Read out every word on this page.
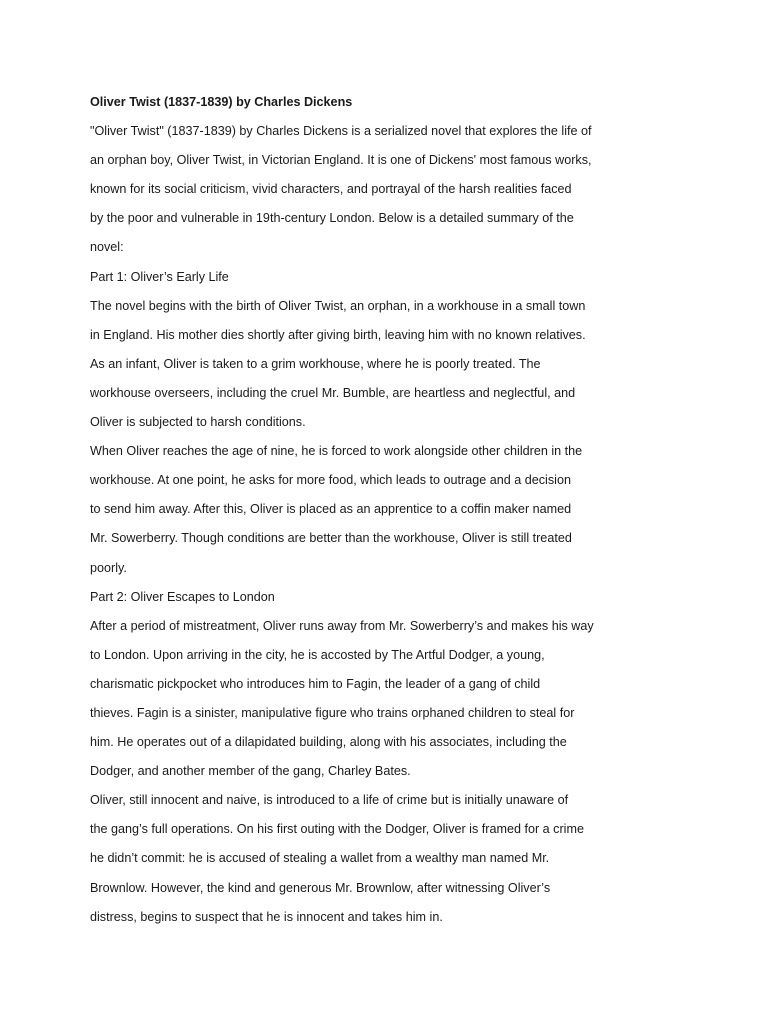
Oliver Twist (1837-1839) by Charles Dickens
"Oliver Twist" (1837-1839) by Charles Dickens is a serialized novel that explores the life of
an orphan boy, Oliver Twist, in Victorian England. It is one of Dickens' most famous works,
known for its social criticism, vivid characters, and portrayal of the harsh realities faced
by the poor and vulnerable in 19th-century London. Below is a detailed summary of the
novel:
Part 1: Oliver’s Early Life
The novel begins with the birth of Oliver Twist, an orphan, in a workhouse in a small town
in England. His mother dies shortly after giving birth, leaving him with no known relatives.
As an infant, Oliver is taken to a grim workhouse, where he is poorly treated. The
workhouse overseers, including the cruel Mr. Bumble, are heartless and neglectful, and
Oliver is subjected to harsh conditions.
When Oliver reaches the age of nine, he is forced to work alongside other children in the
workhouse. At one point, he asks for more food, which leads to outrage and a decision
to send him away. After this, Oliver is placed as an apprentice to a coffin maker named
Mr. Sowerberry. Though conditions are better than the workhouse, Oliver is still treated
poorly.
Part 2: Oliver Escapes to London
After a period of mistreatment, Oliver runs away from Mr. Sowerberry’s and makes his way
to London. Upon arriving in the city, he is accosted by The Artful Dodger, a young,
charismatic pickpocket who introduces him to Fagin, the leader of a gang of child
thieves. Fagin is a sinister, manipulative figure who trains orphaned children to steal for
him. He operates out of a dilapidated building, along with his associates, including the
Dodger, and another member of the gang, Charley Bates.
Oliver, still innocent and naive, is introduced to a life of crime but is initially unaware of
the gang’s full operations. On his first outing with the Dodger, Oliver is framed for a crime
he didn’t commit: he is accused of stealing a wallet from a wealthy man named Mr.
Brownlow. However, the kind and generous Mr. Brownlow, after witnessing Oliver’s
distress, begins to suspect that he is innocent and takes him in.
